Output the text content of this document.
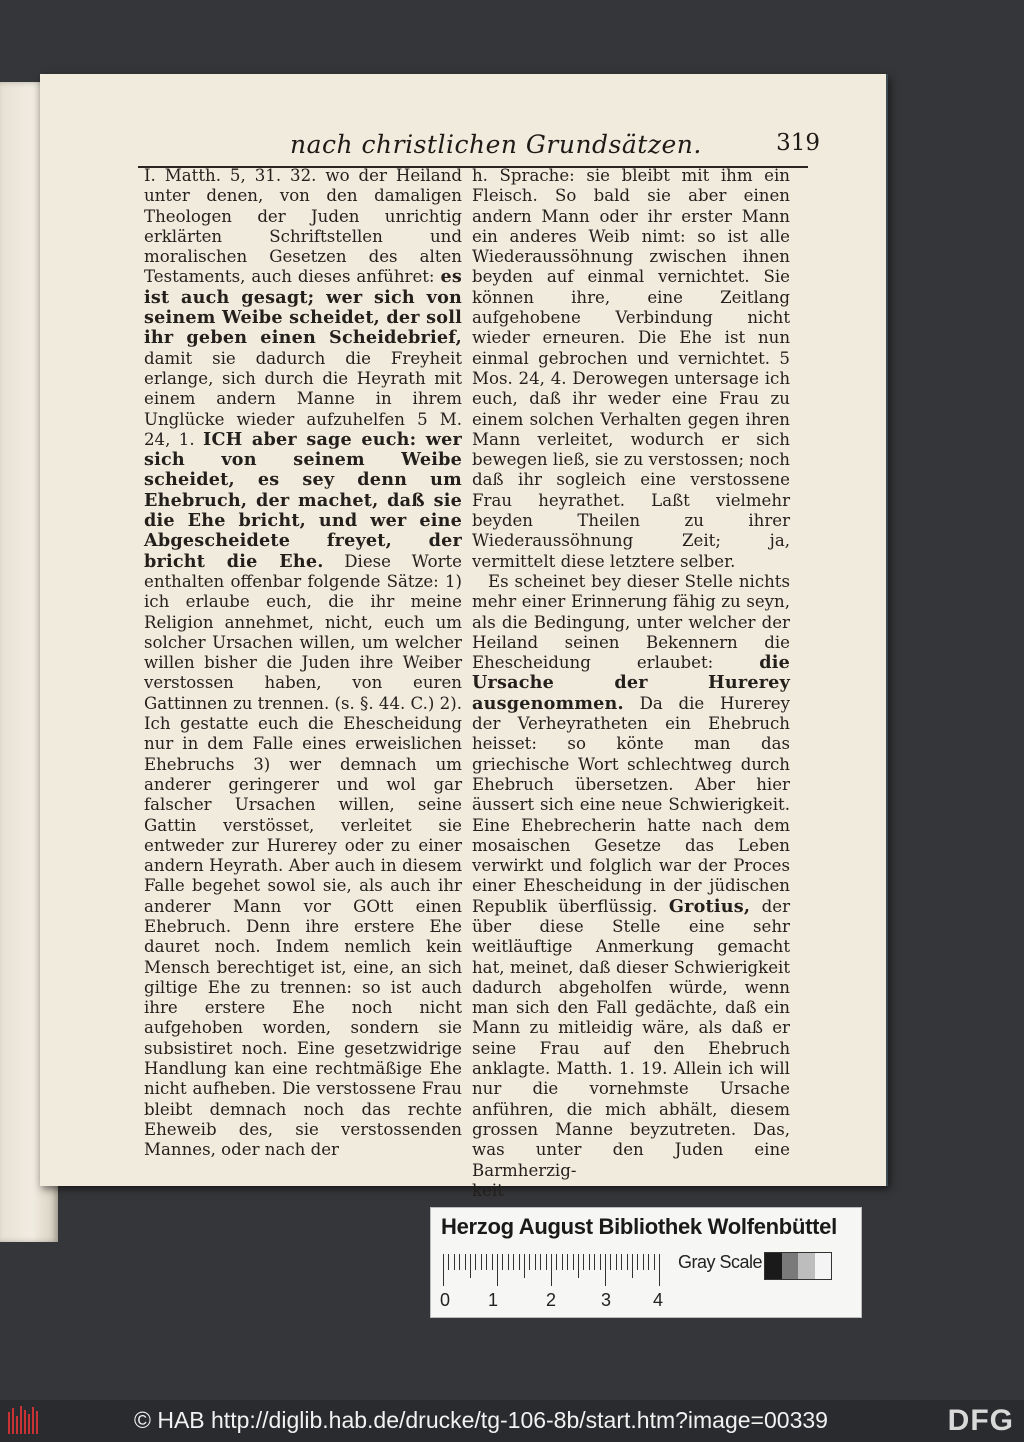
nach christlichen Grundsätzen.	319

I. Matth. 5, 31. 32. wo der Heiland unter denen, von den damaligen Theologen der Juden unrichtig erklärten Schriftstellen und moralischen Gesetzen des alten Testaments, auch dieses anführet: es ist auch gesagt; wer sich von seinem Weibe scheidet, der soll ihr geben einen Scheidebrief, damit sie dadurch die Freyheit erlange, sich durch die Heyrath mit einem andern Manne in ihrem Unglücke wieder aufzuhelfen 5 M. 24, 1. ICH aber sage euch: wer sich von seinem Weibe scheidet, es sey denn um Ehebruch, der machet, daß sie die Ehe bricht, und wer eine Abgescheidete freyet, der bricht die Ehe. Diese Worte enthalten offenbar folgende Sätze: 1) ich erlaube euch, die ihr meine Religion annehmet, nicht, euch um solcher Ursachen willen, um welcher willen bisher die Juden ihre Weiber verstossen haben, von euren Gattinnen zu trennen. (s. §. 44. C.) 2). Ich gestatte euch die Ehescheidung nur in dem Falle eines erweislichen Ehebruchs 3) wer demnach um anderer geringerer und wol gar falscher Ursachen willen, seine Gattin verstösset, verleitet sie entweder zur Hurerey oder zu einer andern Heyrath. Aber auch in diesem Falle begehet sowol sie, als auch ihr anderer Mann vor GOtt einen Ehebruch. Denn ihre erstere Ehe dauret noch. Indem nemlich kein Mensch berechtiget ist, eine, an sich giltige Ehe zu trennen: so ist auch ihre erstere Ehe noch nicht aufgehoben worden, sondern sie subsistiret noch. Eine gesetzwidrige Handlung kan eine rechtmäßige Ehe nicht aufheben. Die verstossene Frau bleibt demnach noch das rechte Eheweib des, sie verstossenden Mannes, oder nach der

h. Sprache: sie bleibt mit ihm ein Fleisch. So bald sie aber einen andern Mann oder ihr erster Mann ein anderes Weib nimt: so ist alle Wiederaussöhnung zwischen ihnen beyden auf einmal vernichtet. Sie können ihre, eine Zeitlang aufgehobene Verbindung nicht wieder erneuren. Die Ehe ist nun einmal gebrochen und vernichtet. 5 Mos. 24, 4. Derowegen untersage ich euch, daß ihr weder eine Frau zu einem solchen Verhalten gegen ihren Mann verleitet, wodurch er sich bewegen ließ, sie zu verstossen; noch daß ihr sogleich eine verstossene Frau heyrathet. Laßt vielmehr beyden Theilen zu ihrer Wiederaussöhnung Zeit; ja, vermittelt diese letztere selber.

Es scheinet bey dieser Stelle nichts mehr einer Erinnerung fähig zu seyn, als die Bedingung, unter welcher der Heiland seinen Bekennern die Ehescheidung erlaubet:	die Ursache der Hurerey ausgenommen. Da die Hurerey der Verheyratheten ein Ehebruch heisset: so könte man das griechische Wort schlechtweg durch Ehebruch übersetzen. Aber hier äussert sich eine neue Schwierigkeit. Eine Ehebrecherin hatte nach dem mosaischen Gesetze das Leben verwirkt und folglich war der Proces einer Ehescheidung in der jüdischen Republik überflüssig. Grotius, der über diese Stelle eine sehr weitläuftige Anmerkung gemacht hat, meinet, daß dieser Schwierigkeit dadurch abgeholfen würde, wenn man sich den Fall gedächte, daß ein Mann zu mitleidig wäre, als daß er seine Frau auf den Ehebruch anklagte. Matth. 1. 19. Allein ich will nur die vornehmste Ursache anführen, die mich abhält, diesem grossen Manne beyzutreten. Das, was unter den Juden eine Barmherzig-

keit

Herzog August Bibliothek Wolfenbüttel
0 1	2 3 4
Gray Scale
© HAB http://diglib.hab.de/drucke/tg-106-8b/start.htm?image=00339	DFG
